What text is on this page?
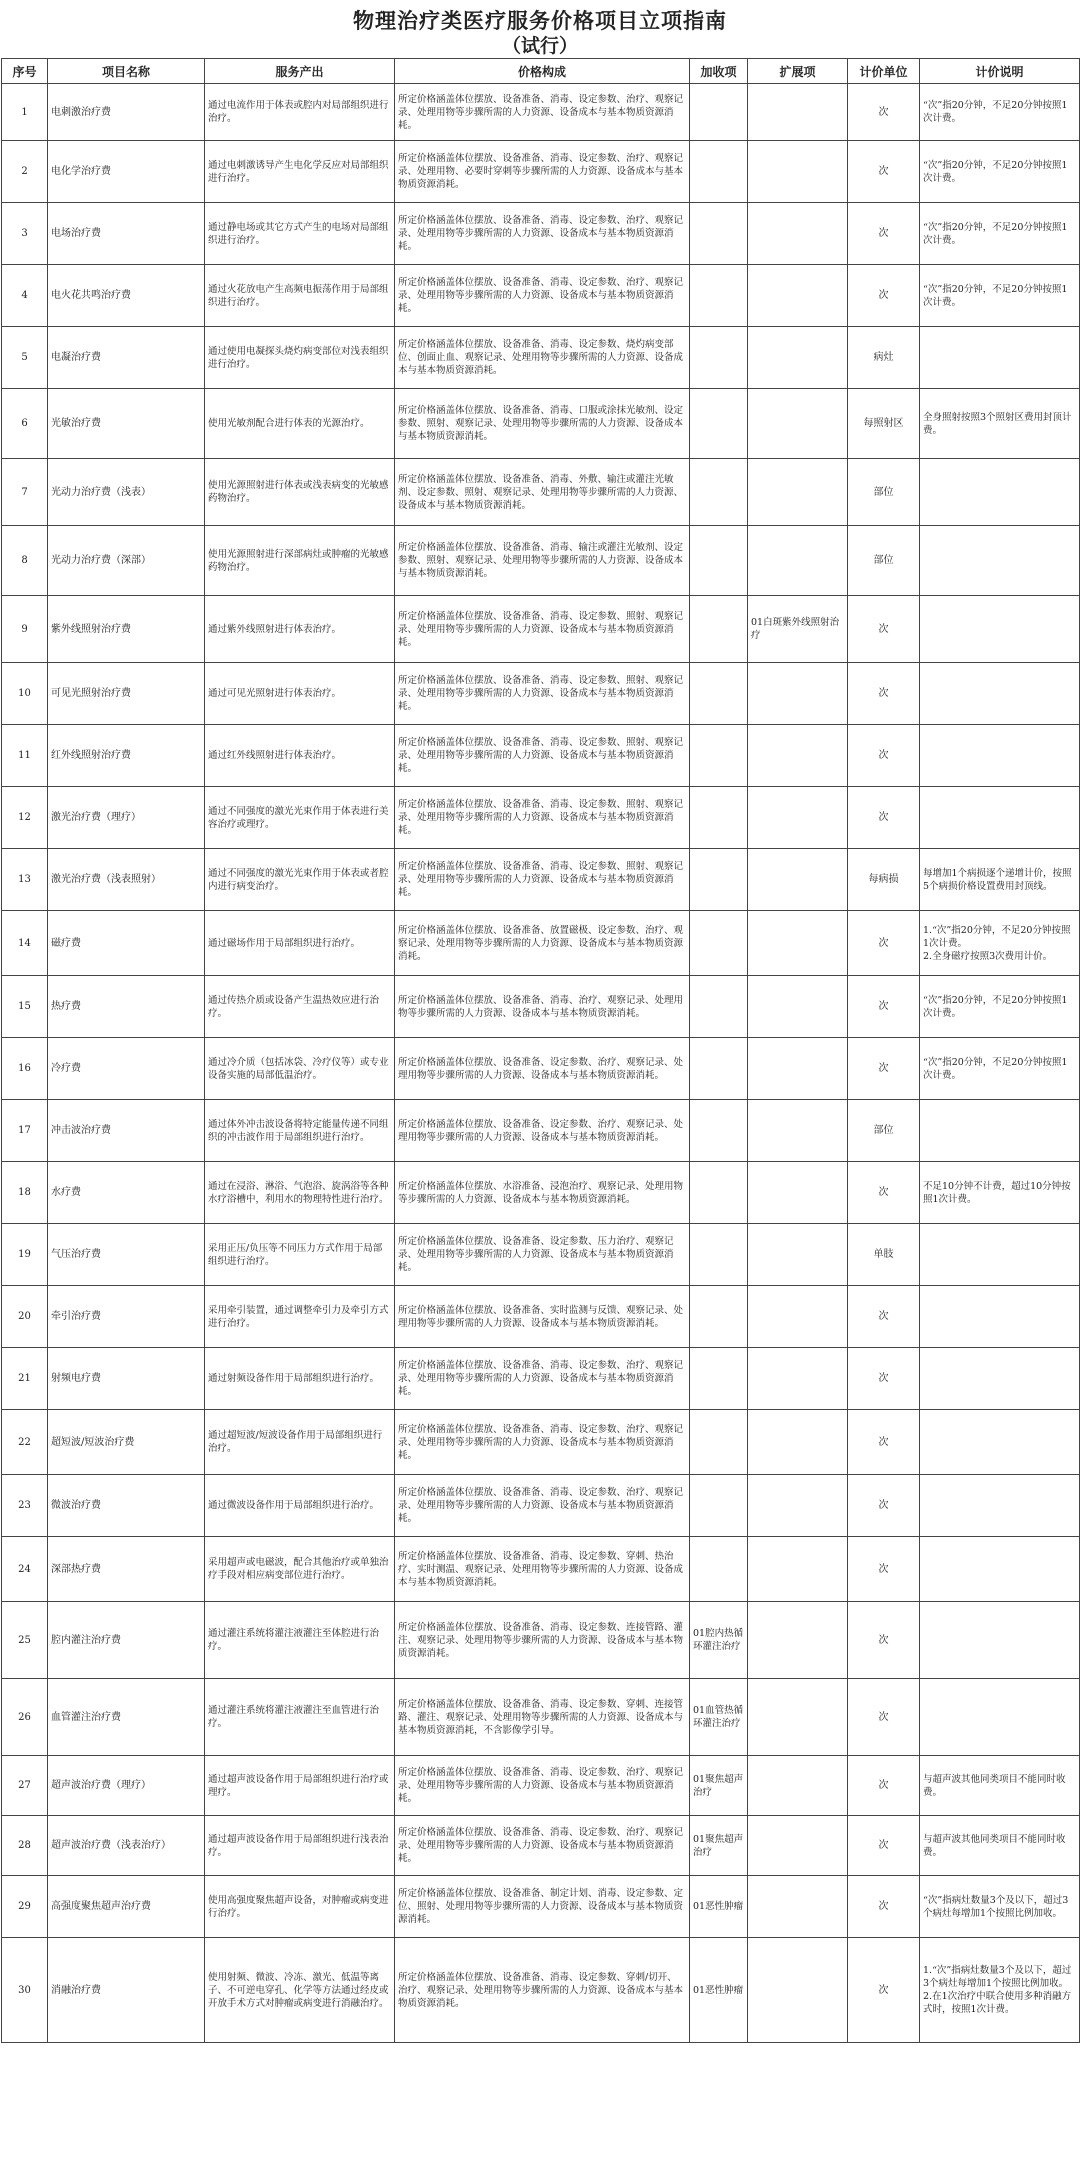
物理治疗类医疗服务价格项目立项指南
（试行）
序号	项目名称	服务产出	价格构成	加收项	扩展项	计价单位	计价说明
1	电刺激治疗费	通过电流作用于体表或腔内对局部组织进行治疗。	所定价格涵盖体位摆放、设备准备、消毒、设定参数、治疗、观察记录、处理用物等步骤所需的人力资源、设备成本与基本物质资源消耗。			次	“次”指20分钟，不足20分钟按照1次计费。
2	电化学治疗费	通过电刺激诱导产生电化学反应对局部组织进行治疗。	所定价格涵盖体位摆放、设备准备、消毒、设定参数、治疗、观察记录、处理用物、必要时穿刺等步骤所需的人力资源、设备成本与基本物质资源消耗。			次	“次”指20分钟，不足20分钟按照1次计费。
3	电场治疗费	通过静电场或其它方式产生的电场对局部组织进行治疗。	所定价格涵盖体位摆放、设备准备、消毒、设定参数、治疗、观察记录、处理用物等步骤所需的人力资源、设备成本与基本物质资源消耗。			次	“次”指20分钟，不足20分钟按照1次计费。
4	电火花共鸣治疗费	通过火花放电产生高频电振荡作用于局部组织进行治疗。	所定价格涵盖体位摆放、设备准备、消毒、设定参数、治疗、观察记录、处理用物等步骤所需的人力资源、设备成本与基本物质资源消耗。			次	“次”指20分钟，不足20分钟按照1次计费。
5	电凝治疗费	通过使用电凝探头烧灼病变部位对浅表组织进行治疗。	所定价格涵盖体位摆放、设备准备、消毒、设定参数、烧灼病变部位、创面止血、观察记录、处理用物等步骤所需的人力资源、设备成本与基本物质资源消耗。			病灶	
6	光敏治疗费	使用光敏剂配合进行体表的光源治疗。	所定价格涵盖体位摆放、设备准备、消毒、口服或涂抹光敏剂、设定参数、照射、观察记录、处理用物等步骤所需的人力资源、设备成本与基本物质资源消耗。			每照射区	全身照射按照3个照射区费用封顶计费。
7	光动力治疗费（浅表）	使用光源照射进行体表或浅表病变的光敏感药物治疗。	所定价格涵盖体位摆放、设备准备、消毒、外敷、输注或灌注光敏剂、设定参数、照射、观察记录、处理用物等步骤所需的人力资源、设备成本与基本物质资源消耗。			部位	
8	光动力治疗费（深部）	使用光源照射进行深部病灶或肿瘤的光敏感药物治疗。	所定价格涵盖体位摆放、设备准备、消毒、输注或灌注光敏剂、设定参数、照射、观察记录、处理用物等步骤所需的人力资源、设备成本与基本物质资源消耗。			部位	
9	紫外线照射治疗费	通过紫外线照射进行体表治疗。	所定价格涵盖体位摆放、设备准备、消毒、设定参数、照射、观察记录、处理用物等步骤所需的人力资源、设备成本与基本物质资源消耗。		01白斑紫外线照射治疗	次	
10	可见光照射治疗费	通过可见光照射进行体表治疗。	所定价格涵盖体位摆放、设备准备、消毒、设定参数、照射、观察记录、处理用物等步骤所需的人力资源、设备成本与基本物质资源消耗。			次	
11	红外线照射治疗费	通过红外线照射进行体表治疗。	所定价格涵盖体位摆放、设备准备、消毒、设定参数、照射、观察记录、处理用物等步骤所需的人力资源、设备成本与基本物质资源消耗。			次	
12	激光治疗费（理疗）	通过不同强度的激光光束作用于体表进行美容治疗或理疗。	所定价格涵盖体位摆放、设备准备、消毒、设定参数、照射、观察记录、处理用物等步骤所需的人力资源、设备成本与基本物质资源消耗。			次	
13	激光治疗费（浅表照射）	通过不同强度的激光光束作用于体表或者腔内进行病变治疗。	所定价格涵盖体位摆放、设备准备、消毒、设定参数、照射、观察记录、处理用物等步骤所需的人力资源、设备成本与基本物质资源消耗。			每病损	每增加1个病损逐个递增计价，按照5个病损价格设置费用封顶线。
14	磁疗费	通过磁场作用于局部组织进行治疗。	所定价格涵盖体位摆放、设备准备、放置磁极、设定参数、治疗、观察记录、处理用物等步骤所需的人力资源、设备成本与基本物质资源消耗。			次	1.“次”指20分钟，不足20分钟按照1次计费。
2.全身磁疗按照3次费用计价。
15	热疗费	通过传热介质或设备产生温热效应进行治疗。	所定价格涵盖体位摆放、设备准备、消毒、治疗、观察记录、处理用物等步骤所需的人力资源、设备成本与基本物质资源消耗。			次	“次”指20分钟，不足20分钟按照1次计费。
16	冷疗费	通过冷介质（包括冰袋、冷疗仪等）或专业设备实施的局部低温治疗。	所定价格涵盖体位摆放、设备准备、设定参数、治疗、观察记录、处理用物等步骤所需的人力资源、设备成本与基本物质资源消耗。			次	“次”指20分钟，不足20分钟按照1次计费。
17	冲击波治疗费	通过体外冲击波设备将特定能量传递不同组织的冲击波作用于局部组织进行治疗。	所定价格涵盖体位摆放、设备准备、设定参数、治疗、观察记录、处理用物等步骤所需的人力资源、设备成本与基本物质资源消耗。			部位	
18	水疗费	通过在浸浴、淋浴、气泡浴、旋涡浴等各种水疗浴槽中，利用水的物理特性进行治疗。	所定价格涵盖体位摆放、水浴准备、浸泡治疗、观察记录、处理用物等步骤所需的人力资源、设备成本与基本物质资源消耗。			次	不足10分钟不计费，超过10分钟按照1次计费。
19	气压治疗费	采用正压/负压等不同压力方式作用于局部组织进行治疗。	所定价格涵盖体位摆放、设备准备、设定参数、压力治疗、观察记录、处理用物等步骤所需的人力资源、设备成本与基本物质资源消耗。			单肢	
20	牵引治疗费	采用牵引装置，通过调整牵引力及牵引方式进行治疗。	所定价格涵盖体位摆放、设备准备、实时监测与反馈、观察记录、处理用物等步骤所需的人力资源、设备成本与基本物质资源消耗。			次	
21	射频电疗费	通过射频设备作用于局部组织进行治疗。	所定价格涵盖体位摆放、设备准备、消毒、设定参数、治疗、观察记录、处理用物等步骤所需的人力资源、设备成本与基本物质资源消耗。			次	
22	超短波/短波治疗费	通过超短波/短波设备作用于局部组织进行治疗。	所定价格涵盖体位摆放、设备准备、消毒、设定参数、治疗、观察记录、处理用物等步骤所需的人力资源、设备成本与基本物质资源消耗。			次	
23	微波治疗费	通过微波设备作用于局部组织进行治疗。	所定价格涵盖体位摆放、设备准备、消毒、设定参数、治疗、观察记录、处理用物等步骤所需的人力资源、设备成本与基本物质资源消耗。			次	
24	深部热疗费	采用超声或电磁波，配合其他治疗或单独治疗手段对相应病变部位进行治疗。	所定价格涵盖体位摆放、设备准备、消毒、设定参数、穿刺、热治疗、实时测温、观察记录、处理用物等步骤所需的人力资源、设备成本与基本物质资源消耗。			次	
25	腔内灌注治疗费	通过灌注系统将灌注液灌注至体腔进行治疗。	所定价格涵盖体位摆放、设备准备、消毒、设定参数、连接管路、灌注、观察记录、处理用物等步骤所需的人力资源、设备成本与基本物质资源消耗。	01腔内热循环灌注治疗		次	
26	血管灌注治疗费	通过灌注系统将灌注液灌注至血管进行治疗。	所定价格涵盖体位摆放、设备准备、消毒、设定参数、穿刺、连接管路、灌注、观察记录、处理用物等步骤所需的人力资源、设备成本与基本物质资源消耗，不含影像学引导。	01血管热循环灌注治疗		次	
27	超声波治疗费（理疗）	通过超声波设备作用于局部组织进行治疗或理疗。	所定价格涵盖体位摆放、设备准备、消毒、设定参数、治疗、观察记录、处理用物等步骤所需的人力资源、设备成本与基本物质资源消耗。	01聚焦超声治疗		次	与超声波其他同类项目不能同时收费。
28	超声波治疗费（浅表治疗）	通过超声波设备作用于局部组织进行浅表治疗。	所定价格涵盖体位摆放、设备准备、消毒、设定参数、治疗、观察记录、处理用物等步骤所需的人力资源、设备成本与基本物质资源消耗。	01聚焦超声治疗		次	与超声波其他同类项目不能同时收费。
29	高强度聚焦超声治疗费	使用高强度聚焦超声设备，对肿瘤或病变进行治疗。	所定价格涵盖体位摆放、设备准备、制定计划、消毒、设定参数、定位、照射、处理用物等步骤所需的人力资源、设备成本与基本物质资源消耗。	01恶性肿瘤		次	“次”指病灶数量3个及以下，超过3个病灶每增加1个按照比例加收。
30	消融治疗费	使用射频、微波、冷冻、激光、低温等离子、不可逆电穿孔、化学等方法通过经皮或开放手术方式对肿瘤或病变进行消融治疗。	所定价格涵盖体位摆放、设备准备、消毒、设定参数、穿刺/切开、治疗、观察记录、处理用物等步骤所需的人力资源、设备成本与基本物质资源消耗。	01恶性肿瘤		次	1.“次”指病灶数量3个及以下，超过3个病灶每增加1个按照比例加收。
2.在1次治疗中联合使用多种消融方式时，按照1次计费。
